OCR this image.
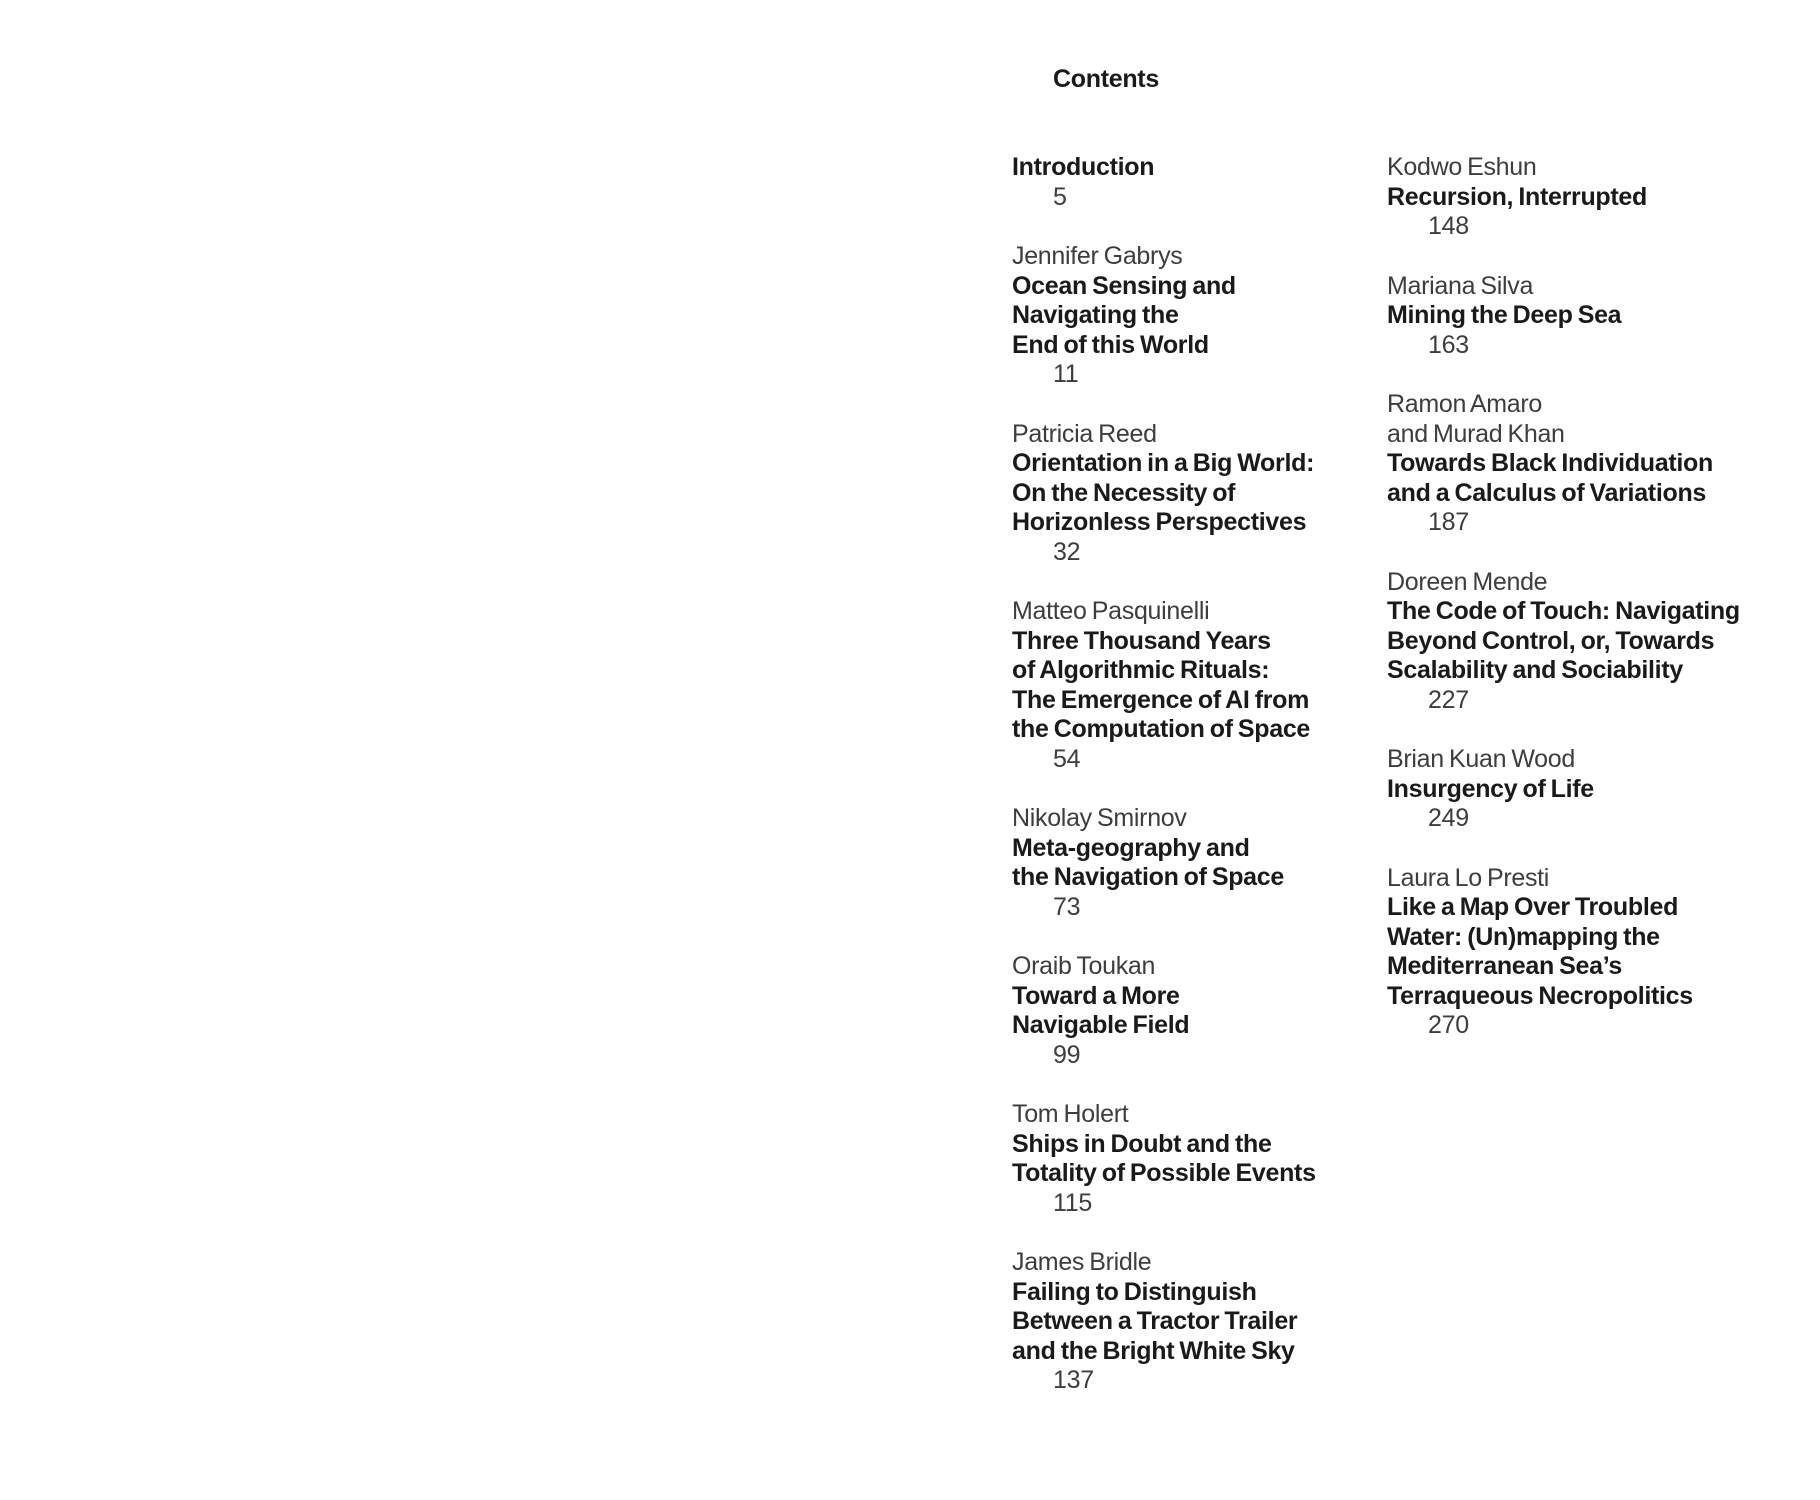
Contents
Introduction
5
Jennifer Gabrys
Ocean Sensing and
Navigating the
End of this World
11
Patricia Reed
Orientation in a Big World:
On the Necessity of
Horizonless Perspectives
32
Matteo Pasquinelli
Three Thousand Years
of Algorithmic Rituals:
The Emergence of AI from
the Computation of Space
54
Nikolay Smirnov
Meta-geography and
the Navigation of Space
73
Oraib Toukan
Toward a More
Navigable Field
99
Tom Holert
Ships in Doubt and the
Totality of Possible Events
115
James Bridle
Failing to Distinguish
Between a Tractor Trailer
and the Bright White Sky
137
Kodwo Eshun
Recursion, Interrupted
148
Mariana Silva
Mining the Deep Sea
163
Ramon Amaro
and Murad Khan
Towards Black Individuation
and a Calculus of Variations
187
Doreen Mende
The Code of Touch: Navigating
Beyond Control, or, Towards
Scalability and Sociability
227
Brian Kuan Wood
Insurgency of Life
249
Laura Lo Presti
Like a Map Over Troubled
Water: (Un)mapping the
Mediterranean Sea’s
Terraqueous Necropolitics
270
